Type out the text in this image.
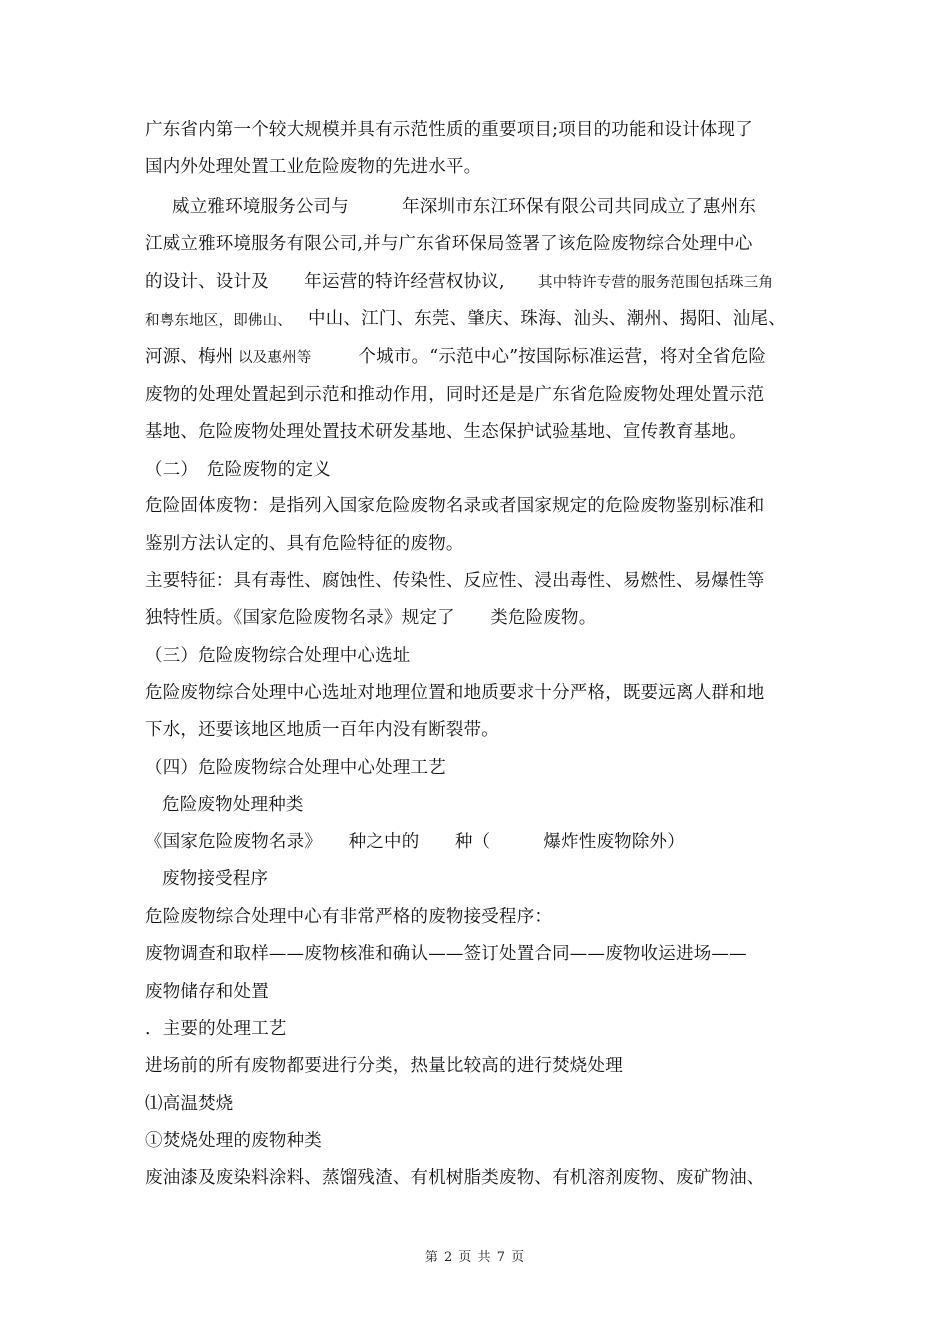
广东省内第一个较大规模并具有示范性质的重要项目;项目的功能和设计体现了
国内外处理处置工业危险废物的先进水平。
威立雅环境服务公司与　　　年深圳市东江环保有限公司共同成立了惠州东
江威立雅环境服务有限公司,并与广东省环保局签署了该危险废物综合处理中心
的设计、设计及　　年运营的特许经营权协议, 其中特许专营的服务范围包括珠三角
和粤东地区，即佛山、 中山、江门、东莞、肇庆、珠海、汕头、潮州、揭阳、汕尾、
河源、梅州 以及惠州等 　　个城市。“示范中心”按国际标准运营，将对全省危险
废物的处理处置起到示范和推动作用，同时还是是广东省危险废物处理处置示范
基地、危险废物处理处置技术研发基地、生态保护试验基地、宣传教育基地。
（二）　危险废物的定义
危险固体废物：是指列入国家危险废物名录或者国家规定的危险废物鉴别标准和
鉴别方法认定的、具有危险特征的废物。
主要特征：具有毒性、腐蚀性、传染性、反应性、浸出毒性、易燃性、易爆性等
独特性质。《国家危险废物名录》规定了　　类危险废物。
（三）危险废物综合处理中心选址
危险废物综合处理中心选址对地理位置和地质要求十分严格，既要远离人群和地
下水，还要该地区地质一百年内没有断裂带。
（四）危险废物综合处理中心处理工艺
危险废物处理种类
《国家危险废物名录》　　种之中的　　种（　　　爆炸性废物除外）
废物接受程序
危险废物综合处理中心有非常严格的废物接受程序：
废物调查和取样——废物核准和确认——签订处置合同——废物收运进场——
废物储存和处置
．主要的处理工艺
进场前的所有废物都要进行分类，热量比较高的进行焚烧处理
⑴高温焚烧
①焚烧处理的废物种类
废油漆及废染料涂料、蒸馏残渣、有机树脂类废物、有机溶剂废物、废矿物油、
第 2 页 共 7 页
